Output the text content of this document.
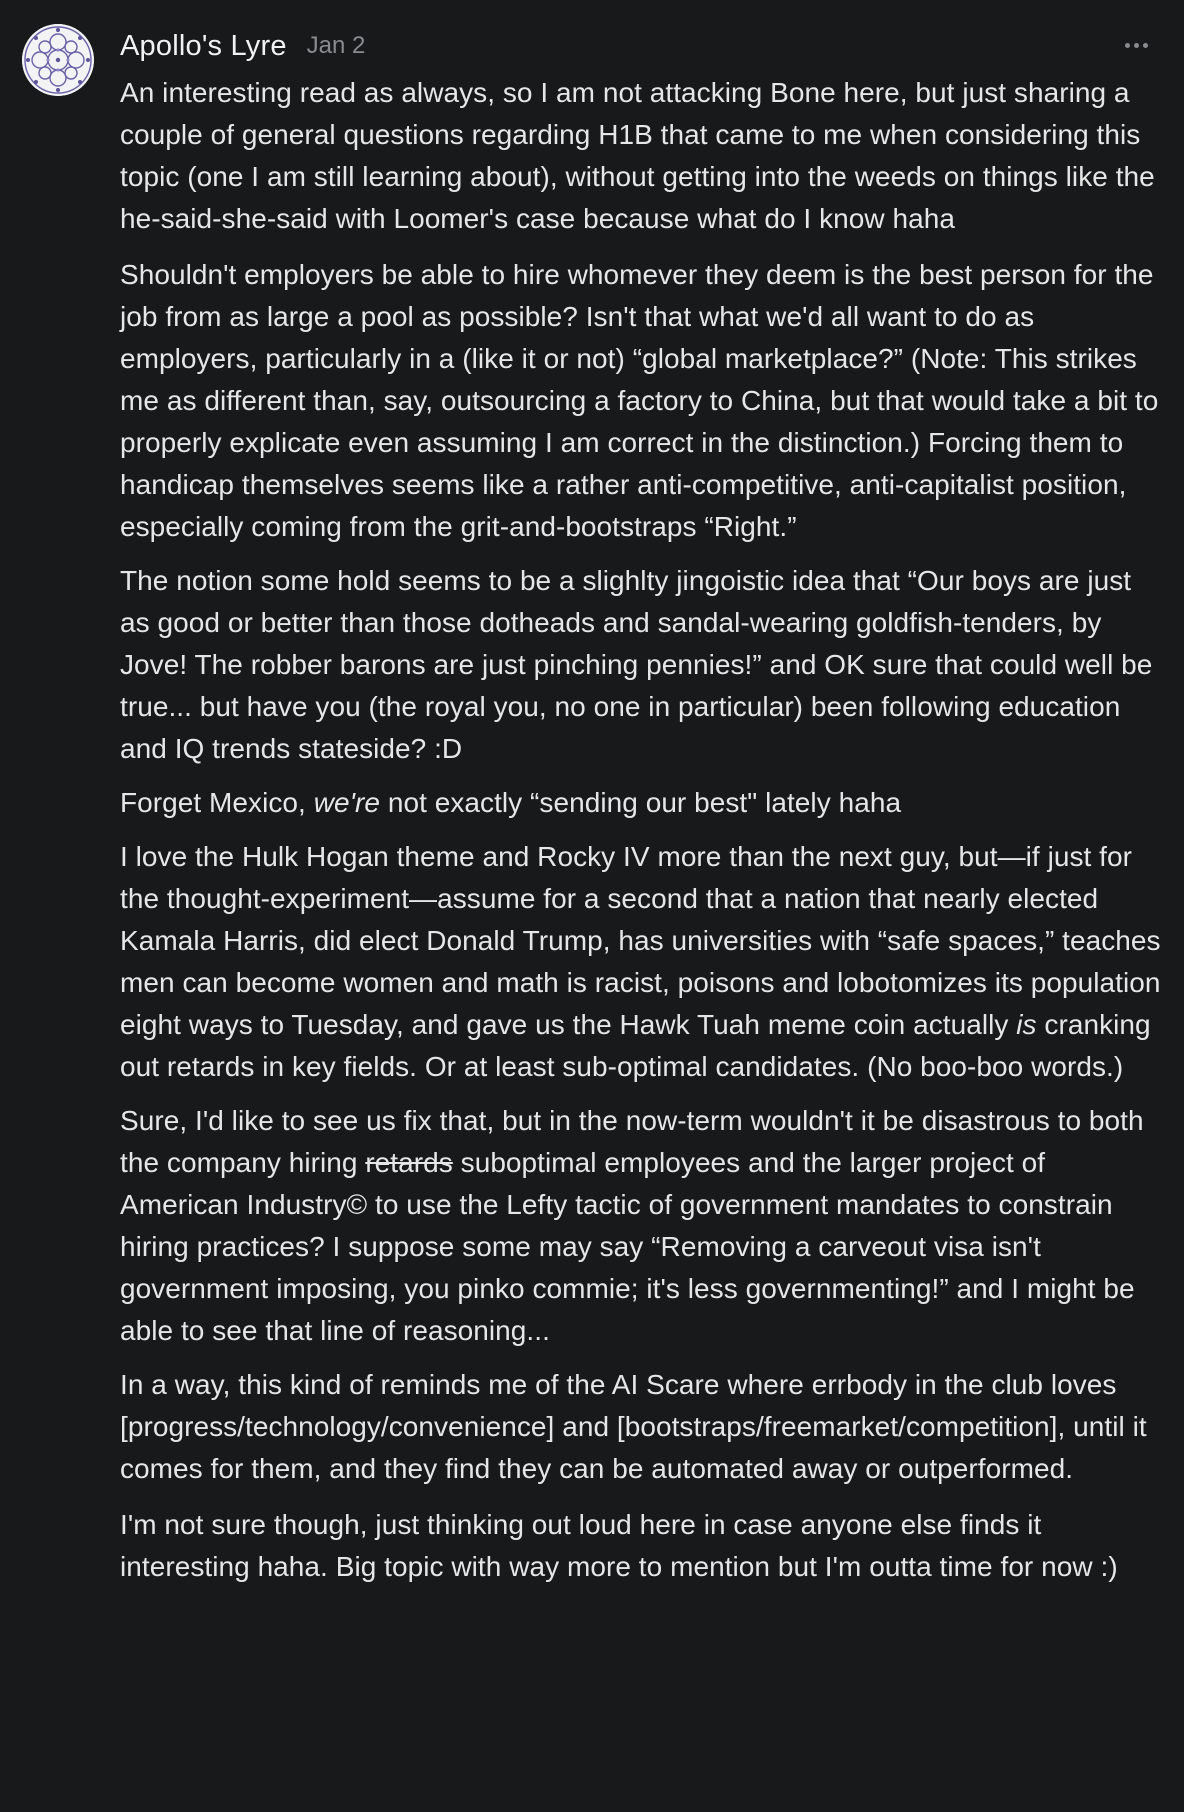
Apollo's Lyre Jan 2

An interesting read as always, so I am not attacking Bone here, but just sharing a couple of general questions regarding H1B that came to me when considering this topic (one I am still learning about), without getting into the weeds on things like the he-said-she-said with Loomer's case because what do I know haha

Shouldn't employers be able to hire whomever they deem is the best person for the job from as large a pool as possible? Isn't that what we'd all want to do as employers, particularly in a (like it or not) “global marketplace?” (Note: This strikes me as different than, say, outsourcing a factory to China, but that would take a bit to properly explicate even assuming I am correct in the distinction.) Forcing them to handicap themselves seems like a rather anti-competitive, anti-capitalist position, especially coming from the grit-and-bootstraps “Right.”

The notion some hold seems to be a slighlty jingoistic idea that “Our boys are just as good or better than those dotheads and sandal-wearing goldfish-tenders, by Jove! The robber barons are just pinching pennies!” and OK sure that could well be true... but have you (the royal you, no one in particular) been following education and IQ trends stateside? :D

Forget Mexico, we're not exactly “sending our best" lately haha

I love the Hulk Hogan theme and Rocky IV more than the next guy, but—if just for the thought-experiment—assume for a second that a nation that nearly elected Kamala Harris, did elect Donald Trump, has universities with “safe spaces,” teaches men can become women and math is racist, poisons and lobotomizes its population eight ways to Tuesday, and gave us the Hawk Tuah meme coin actually is cranking out retards in key fields. Or at least sub-optimal candidates. (No boo-boo words.)

Sure, I'd like to see us fix that, but in the now-term wouldn't it be disastrous to both the company hiring retards suboptimal employees and the larger project of American Industry© to use the Lefty tactic of government mandates to constrain hiring practices? I suppose some may say “Removing a carveout visa isn't government imposing, you pinko commie; it's less governmenting!” and I might be able to see that line of reasoning...

In a way, this kind of reminds me of the AI Scare where errbody in the club loves [progress/technology/convenience] and [bootstraps/freemarket/competition], until it comes for them, and they find they can be automated away or outperformed.

I'm not sure though, just thinking out loud here in case anyone else finds it interesting haha. Big topic with way more to mention but I'm outta time for now :)
